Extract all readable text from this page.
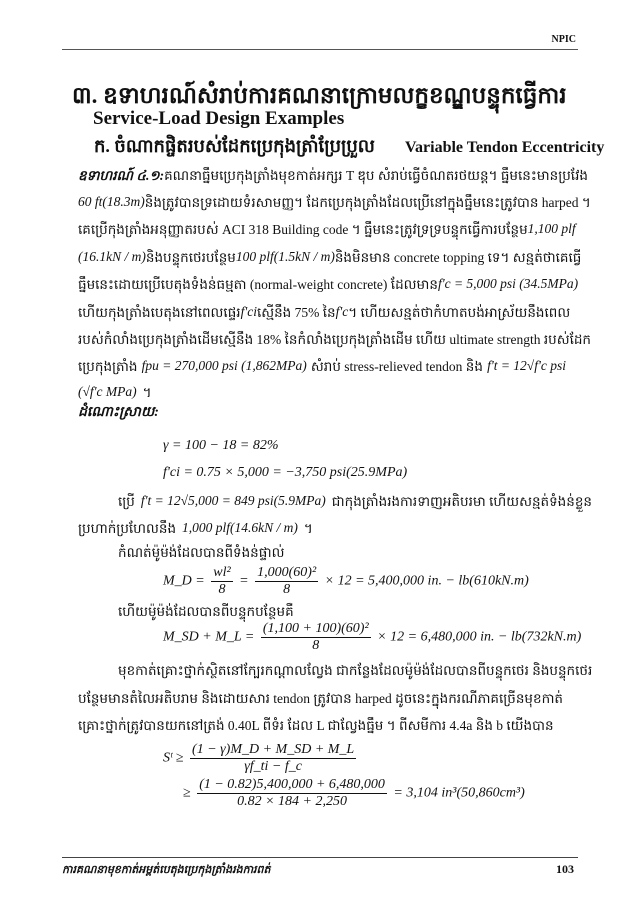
NPIC
៣. ឧទាហរណ៍សំរាប់ការគណនាក្រោមលក្ខខណ្ឌបន្ទុកធ្វើការ
Service-Load Design Examples
ក. ចំណាកផ្ចិតរបស់ដែកប្រេកុងត្រាំប្រែប្រួល Variable Tendon Eccentricity
ឧទាហរណ៍ ៤.១: គណនាធ្នឹមប្រេកុងត្រាំងមុខកាត់អក្សរ T ឌុប សំរាប់ធ្វើចំណតរថយន្ត។ ធ្នឹមនេះមានប្រវែង
60 ft(18.3m) និងត្រូវបានទ្រដោយទំរសាមញ្ញ។ ដែកប្រេកុងត្រាំងដែលប្រើនៅក្នុងធ្នឹមនេះត្រូវបាន harped ។
គេប្រើកុងត្រាំងអនុញ្ញាតរបស់ ACI 318 Building code ។ ធ្នឹមនេះត្រូវទ្រទ្របន្ទុកធ្វើការបន្ថែម 1,100 plf
(16.1kN / m) និងបន្ទុកថេរបន្ថែម 100 plf(1.5kN / m) និងមិនមាន concrete topping ទេ។ សន្មត់ថាគេធ្វើ
ធ្នឹមនេះដោយប្រើបេតុងទំងន់ធម្មតា (normal-weight concrete) ដែលមាន f'c = 5,000 psi (34.5MPa)
ហើយកុងត្រាំងបេតុងនៅពេលផ្ទេរ f'ci ស្មើនឹង 75% នៃ f'c ។ ហើយសន្មត់ថាកំហាតបង់អាស្រ័យនឹងពេល
របស់កំលាំងប្រេកុងត្រាំងដើមស្មើនឹង 18% នៃកំលាំងប្រេកុងត្រាំងដើម ហើយ ultimate strength របស់ដែក
ប្រេកុងត្រាំង fpu = 270,000 psi (1,862MPa) សំរាប់ stress-relieved tendon និង f't = 12√f'c psi
(√f'c MPa) ។
ដំណោះស្រាយ:
γ = 100 − 18 = 82%
f'ci = 0.75 × 5,000 = −3,750 psi(25.9MPa)
ប្រើ f't = 12√5,000 = 849 psi(5.9MPa) ជាកុងត្រាំងរងការទាញអតិបរមា ហើយសន្មត់ទំងន់ខ្លួន
ប្រហាក់ប្រហែលនឹង 1,000 plf(14.6kN / m) ។
កំណត់ម៉ូម៉ង់ដែលបានពីទំងន់ផ្ទាល់
M_D = $\frac{\text{wl²}}{8} = \frac{\text{1,000(60)²}}{8} \times 12 = 5,400,000$ in. − lb(610kN.m)
ហើយម៉ូម៉ង់ដែលបានពីបន្ទុកបន្ថែមគឺ
M_SD + M_L = $\frac{\text{(1,100 + 100)(60)²}}{8} \times 12 = 6,480,000$ in. − lb(732kN.m)
មុខកាត់គ្រោះថ្នាក់ស្ថិតនៅក្បែរកណ្ដាលល្វែង ជាកន្លែងដែលម៉ូម៉ង់ដែលបានពីបន្ទុកថេរ និងបន្ទុកថេរ
បន្ថែមមានតំលៃអតិបរាម និងដោយសារ tendon ត្រូវបាន harped ដូចនេះក្នុងករណីភាគច្រើនមុខកាត់
គ្រោះថ្នាក់ត្រូវបានយកនៅត្រង់ 0.40L ពីទំរ ដែល L ជាល្វែងធ្នឹម ។ ពីសមីការ 4.4a និង b យើងបាន
Sᵗ ≥ $\frac{(1 - \gamma)M\_D + M\_SD + M\_L}{\gamma f\_ti - f\_c}$
≥ $\frac{(1 - 0.82)5,400,000 + 6,480,000}{0.82 \times 184 + 2,250} = 3,104$ in³(50,860cm³)
ការគណនាមុខកាត់អម្ពត់បេតុងប្រេកុងត្រាំងរងការពត់	103
